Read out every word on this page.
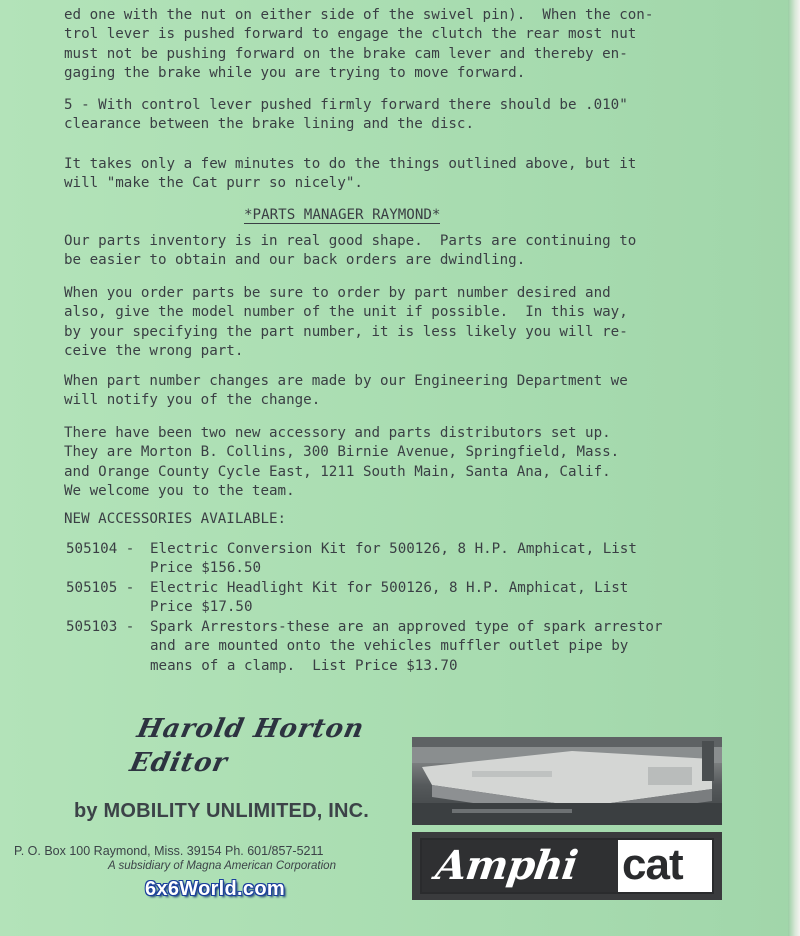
ed one with the nut on either side of the swivel pin).  When the con-
trol lever is pushed forward to engage the clutch the rear most nut
must not be pushing forward on the brake cam lever and thereby en-
gaging the brake while you are trying to move forward.

5 - With control lever pushed firmly forward there should be .010"
clearance between the brake lining and the disc.

It takes only a few minutes to do the things outlined above, but it
will "make the Cat purr so nicely".

*PARTS MANAGER RAYMOND*

Our parts inventory is in real good shape.  Parts are continuing to
be easier to obtain and our back orders are dwindling.

When you order parts be sure to order by part number desired and
also, give the model number of the unit if possible.  In this way,
by your specifying the part number, it is less likely you will re-
ceive the wrong part.

When part number changes are made by our Engineering Department we
will notify you of the change.

There have been two new accessory and parts distributors set up.
They are Morton B. Collins, 300 Birnie Avenue, Springfield, Mass.
and Orange County Cycle East, 1211 South Main, Santa Ana, Calif.
We welcome you to the team.

NEW ACCESSORIES AVAILABLE:

505104 - Electric Conversion Kit for 500126, 8 H.P. Amphicat, List
Price $156.50

505105 - Electric Headlight Kit for 500126, 8 H.P. Amphicat, List
Price $17.50

505103 - Spark Arrestors-these are an approved type of spark arrestor
and are mounted onto the vehicles muffler outlet pipe by
means of a clamp.  List Price $13.70

Harold Horton
Editor
by MOBILITY UNLIMITED, INC.
P. O. Box 100 Raymond, Miss. 39154 Ph. 601/857-5211
A subsidiary of Magna American Corporation
6x6World.com	Amphi cat
